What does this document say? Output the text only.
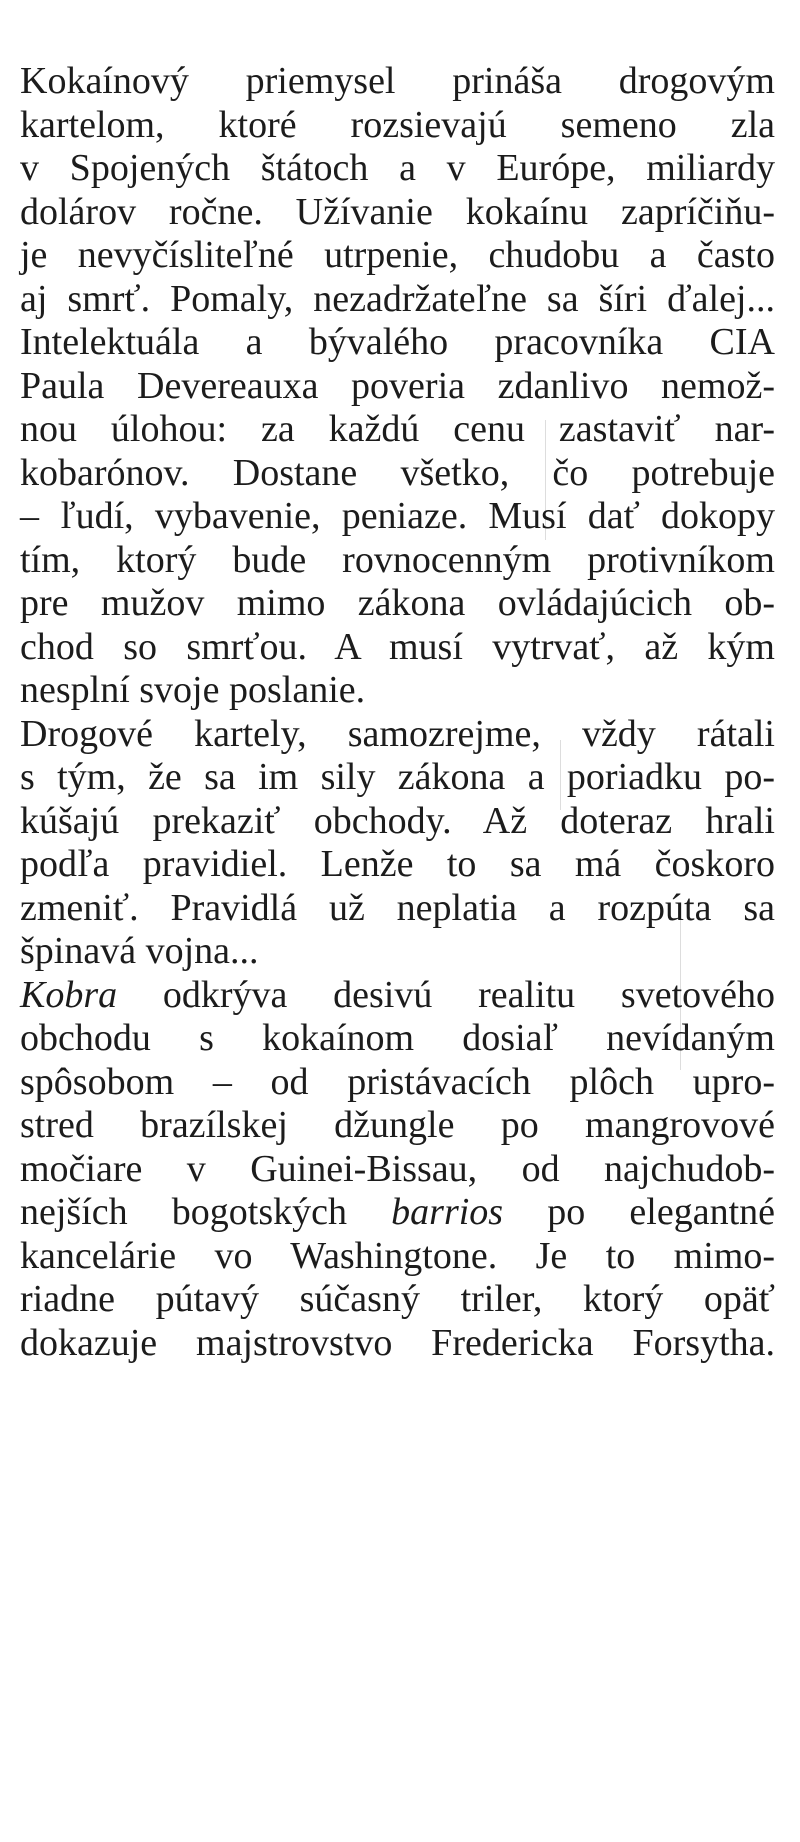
Kokaínový priemysel prináša drogovým
kartelom, ktoré rozsievajú semeno zla
v Spojených štátoch a v Európe, miliardy
dolárov ročne. Užívanie kokaínu zapríčiňu-
je nevyčísliteľné utrpenie, chudobu a často
aj smrť. Pomaly, nezadržateľne sa šíri ďalej...
Intelektuála a bývalého pracovníka CIA
Paula Devereauxa poveria zdanlivo nemož-
nou úlohou: za každú cenu zastaviť nar-
kobarónov. Dostane všetko, čo potrebuje
– ľudí, vybavenie, peniaze. Musí dať dokopy
tím, ktorý bude rovnocenným protivníkom
pre mužov mimo zákona ovládajúcich ob-
chod so smrťou. A musí vytrvať, až kým
nesplní svoje poslanie.
Drogové kartely, samozrejme, vždy rátali
s tým, že sa im sily zákona a poriadku po-
kúšajú prekaziť obchody. Až doteraz hrali
podľa pravidiel. Lenže to sa má čoskoro
zmeniť. Pravidlá už neplatia a rozpúta sa
špinavá vojna...
Kobra odkrýva desivú realitu svetového
obchodu s kokaínom dosiaľ nevídaným
spôsobom – od pristávacích plôch upro-
stred brazílskej džungle po mangrovové
močiare v Guinei-Bissau, od najchudob-
nejších bogotských barrios po elegantné
kancelárie vo Washingtone. Je to mimo-
riadne pútavý súčasný triler, ktorý opäť
dokazuje majstrovstvo Fredericka Forsytha.
